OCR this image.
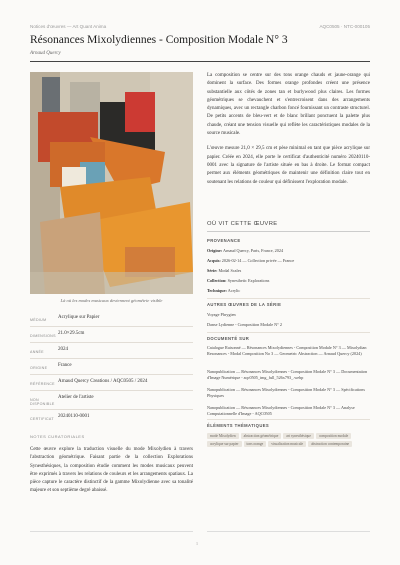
Notices d'œuvres — Art Quant Anima	AQC0505 · NTC-000105
Résonances Mixolydiennes - Composition Modale N° 3
Arnaud Quercy
Là où les modes musicaux deviennent géométrie visible
MÉDIUM	Acrylique sur Papier
DIMENSIONS 21.0×29.5cm
ANNÉE	2024
ORIGINE	France
RÉFÉRENCE Arnaud Quercy Creations / AQC0505 / 2024
NON DISPONIBLE
Atelier de l'artiste
CERTIFICAT 20240110-0001
NOTES CURATORIALES
Cette œuvre explore la traduction visuelle du mode Mixolydien à travers l'abstraction géométrique. Faisant partie de la collection Explorations Synesthésiques, la composition étudie comment les modes musicaux peuvent être exprimés à travers les relations de couleurs et les arrangements spatiaux. La pièce capture le caractère distinctif de la gamme Mixolydienne avec sa tonalité majeure et son septième degré abaissé.

La composition se centre sur des tons orange chauds et jaune-orange qui dominent la surface. Des formes orange profondes créent une présence substantielle aux côtés de zones tan et burlywood plus claires. Les formes géométriques se chevauchent et s'entrecroisent dans des arrangements dynamiques, avec un rectangle charbon foncé fournissant un contraste structurel. De petits accents de bleu-vert et de blanc brillant ponctuent la palette plus chaude, créant une tension visuelle qui reflète les caractéristiques modales de la source musicale.

L'œuvre mesure 21,0 × 29,5 cm et pèse minimal en tant que pièce acrylique sur papier. Créée en 2024, elle porte le certificat d'authenticité numéro 20240110-0001 avec la signature de l'artiste située en bas à droite. Le format compact permet aux éléments géométriques de maintenir une définition claire tout en soutenant les relations de couleur qui définissent l'exploration modale.

OÙ VIT CETTE ŒUVRE
PROVENANCE
Origine: Arnaud Quercy, Paris, France, 2024
Acquis: 2026-02-14 — Collection privée — France
Série: Modal Scales
Collection: Synesthetic Explorations
Technique: Acrylic
AUTRES ŒUVRES DE LA SÉRIE
Voyage Phrygien
Danse Lydienne - Composition Modale N° 2
DOCUMENTÉ SUR
Catalogue Raisonné — Résonances Mixolydiennes - Composition Modale N° 3 — Mixolydian Resonances - Modal Composition No 3 — Geometric Abstraction — Arnaud Quercy (2024)
Nanopublication — Résonances Mixolydiennes - Composition Modale N° 3 — Documentation d'Image Numérique - aqc0505_img_full_526x793_.webp
Nanopublication — Résonances Mixolydiennes - Composition Modale N° 3 — Spécifications Physiques
Nanopublication — Résonances Mixolydiennes - Composition Modale N° 3 — Analyse Computationnelle d'Image - AQC0505
ÉLÉMENTS THÉMATIQUES
mode Mixolydien	abstraction géométrique	art synesthésique	composition modale
acrylique sur papier	tons orange	visualisation musicale	abstraction contemporaine
1
